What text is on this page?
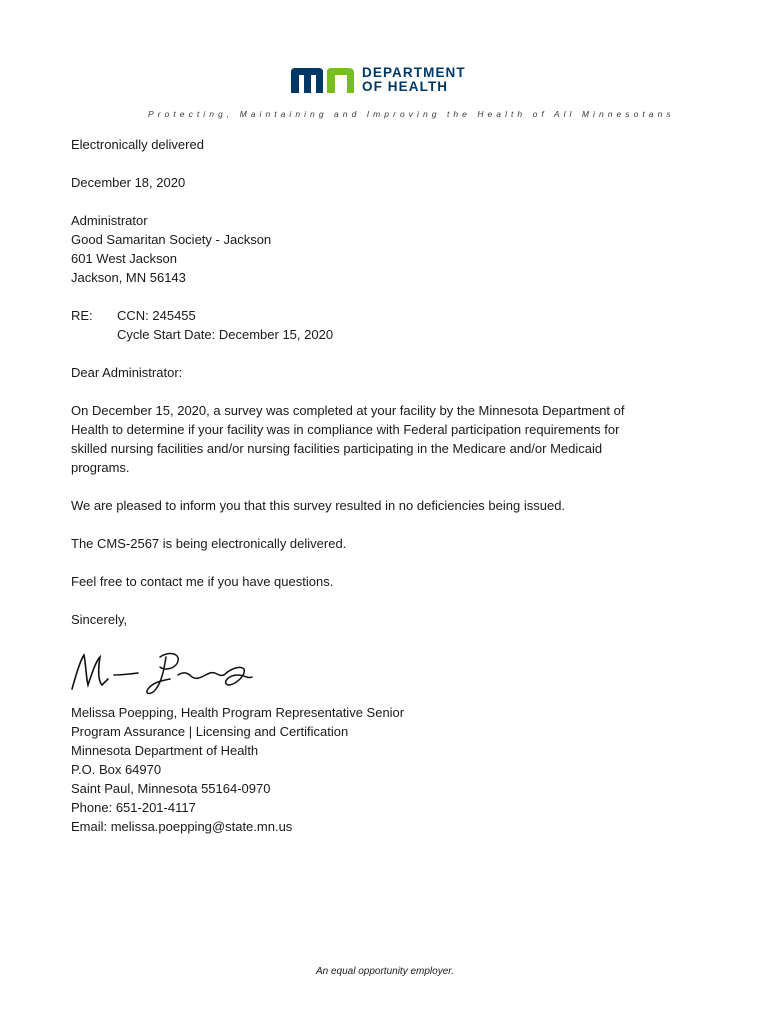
DEPARTMENT
OF HEALTH
Protecting, Maintaining and Improving the Health of All Minnesotans

Electronically delivered

December 18, 2020

Administrator

Good Samaritan Society - Jackson

601 West Jackson

Jackson, MN 56143

RE:	CCN: 245455

Cycle Start Date: December 15, 2020

Dear Administrator:

On December 15, 2020, a survey was completed at your facility by the Minnesota Department of

Health to determine if your facility was in compliance with Federal participation requirements for

skilled nursing facilities and/or nursing facilities participating in the Medicare and/or Medicaid

programs.

We are pleased to inform you that this survey resulted in no deficiencies being issued.

The CMS-2567 is being electronically delivered.

Feel free to contact me if you have questions.

Sincerely,

Melissa Poepping, Health Program Representative Senior

Program Assurance | Licensing and Certification

Minnesota Department of Health

P.O. Box 64970

Saint Paul, Minnesota 55164-0970

Phone: 651-201-4117

Email: melissa.poepping@state.mn.us

An equal opportunity employer.
